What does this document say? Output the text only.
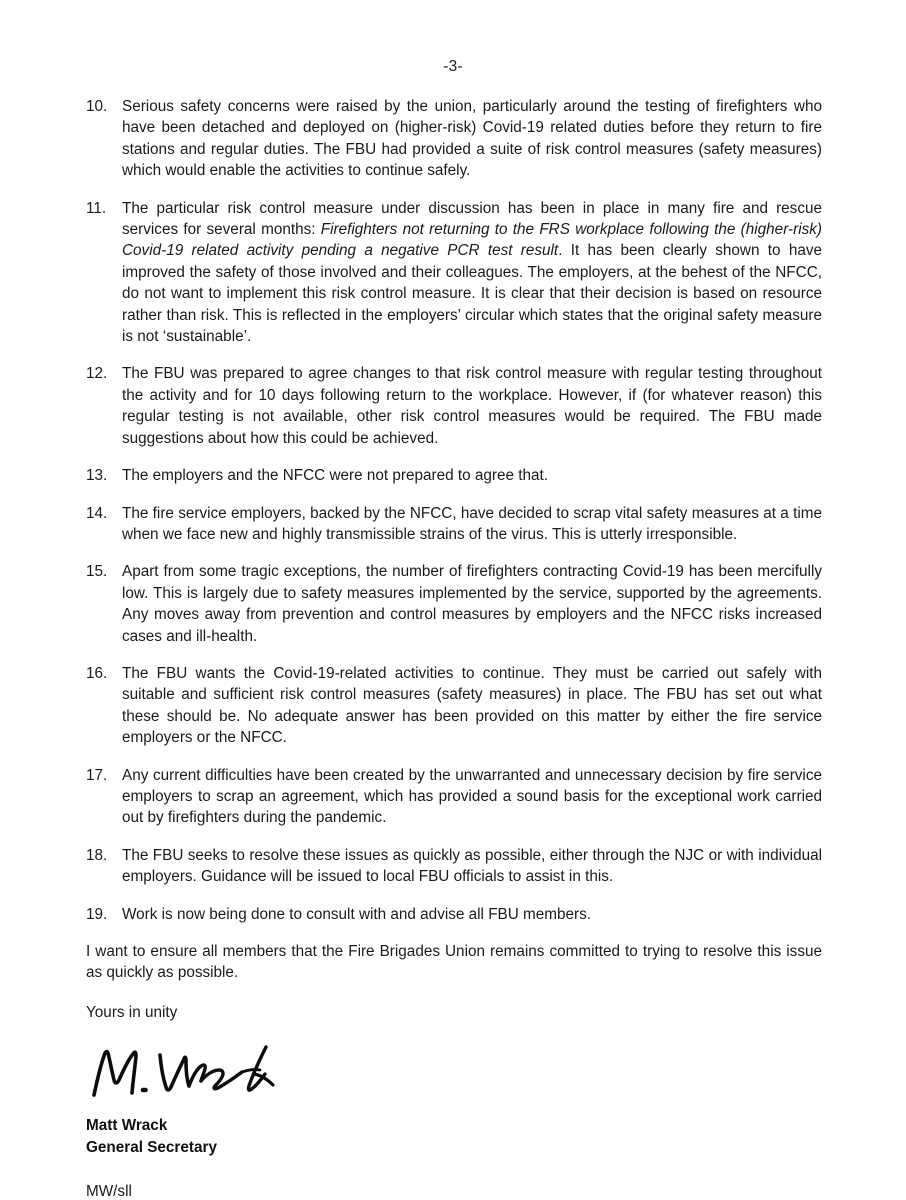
-3-
10. Serious safety concerns were raised by the union, particularly around the testing of firefighters who have been detached and deployed on (higher-risk) Covid-19 related duties before they return to fire stations and regular duties. The FBU had provided a suite of risk control measures (safety measures) which would enable the activities to continue safely.
11.	The particular risk control measure under discussion has been in place in many fire and rescue services for several months: Firefighters not returning to the FRS workplace following the (higher-risk) Covid-19 related activity pending a negative PCR test result. It has been clearly shown to have improved the safety of those involved and their colleagues. The employers, at the behest of the NFCC, do not want to implement this risk control measure. It is clear that their decision is based on resource rather than risk. This is reflected in the employers’ circular which states that the original safety measure is not ‘sustainable’.
12. The FBU was prepared to agree changes to that risk control measure with regular testing throughout the activity and for 10 days following return to the workplace. However, if (for whatever reason) this regular testing is not available, other risk control measures would be required. The FBU made suggestions about how this could be achieved.
13. The employers and the NFCC were not prepared to agree that.
14. The fire service employers, backed by the NFCC, have decided to scrap vital safety measures at a time when we face new and highly transmissible strains of the virus. This is utterly irresponsible.
15. Apart from some tragic exceptions, the number of firefighters contracting Covid-19 has been mercifully low. This is largely due to safety measures implemented by the service, supported by the agreements. Any moves away from prevention and control measures by employers and the NFCC risks increased cases and ill-health.
16. The FBU wants the Covid-19-related activities to continue. They must be carried out safely with suitable and sufficient risk control measures (safety measures) in place. The FBU has set out what these should be. No adequate answer has been provided on this matter by either the fire service employers or the NFCC.
17. Any current difficulties have been created by the unwarranted and unnecessary decision by fire service employers to scrap an agreement, which has provided a sound basis for the exceptional work carried out by firefighters during the pandemic.
18. The FBU seeks to resolve these issues as quickly as possible, either through the NJC or with individual employers. Guidance will be issued to local FBU officials to assist in this.
19. Work is now being done to consult with and advise all FBU members.

I want to ensure all members that the Fire Brigades Union remains committed to trying to resolve this issue as quickly as possible.

Yours in unity

Matt Wrack
General Secretary
MW/sll
